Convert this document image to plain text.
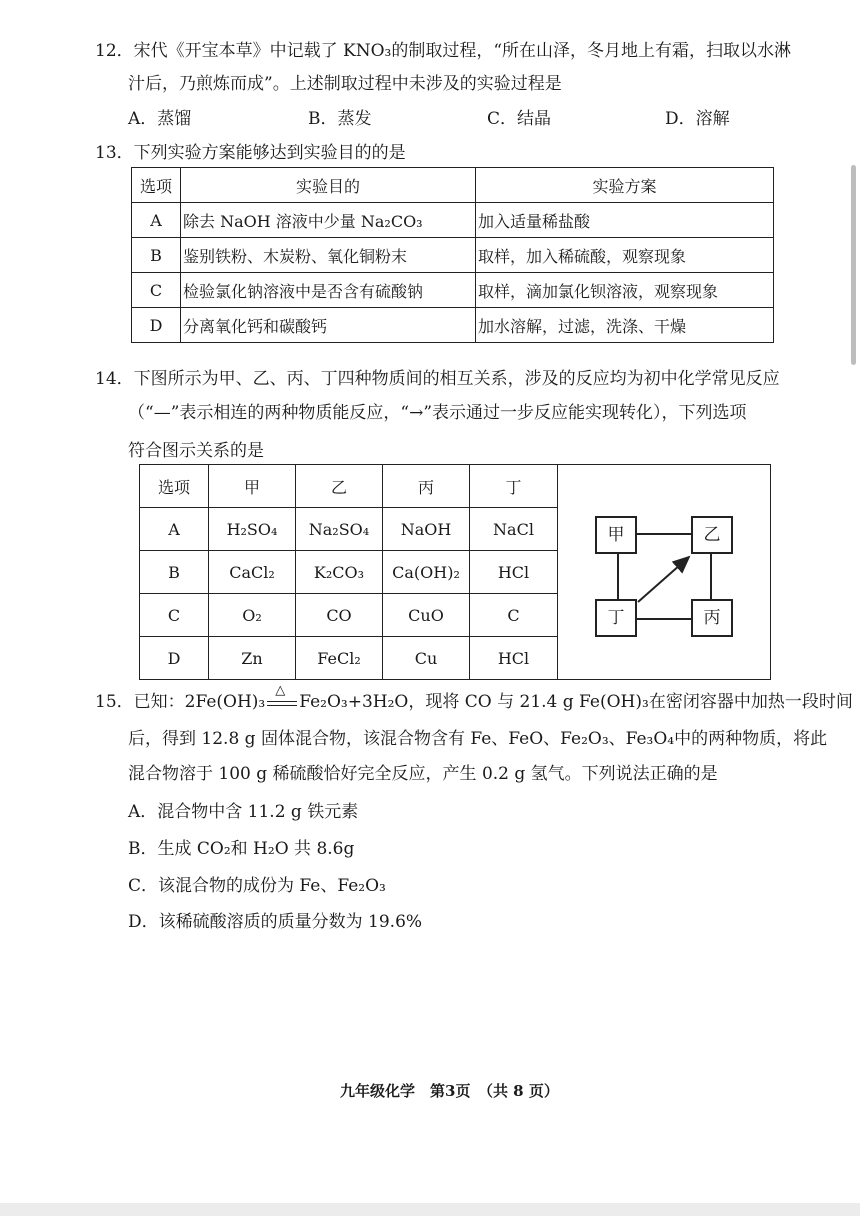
12．宋代《开宝本草》中记载了 KNO₃的制取过程，“所在山泽，冬月地上有霜，扫取以水淋
汁后，乃煎炼而成”。上述制取过程中未涉及的实验过程是
A．蒸馏	B．蒸发	C．结晶	D．溶解
13．下列实验方案能够达到实验目的的是
选项	实验目的	实验方案
A	除去 NaOH 溶液中少量 Na₂CO₃	加入适量稀盐酸
B	鉴别铁粉、木炭粉、氧化铜粉末	取样，加入稀硫酸，观察现象
C	检验氯化钠溶液中是否含有硫酸钠	取样，滴加氯化钡溶液，观察现象
D	分离氧化钙和碳酸钙	加水溶解，过滤，洗涤、干燥
14．下图所示为甲、乙、丙、丁四种物质间的相互关系，涉及的反应均为初中化学常见反应
（“—”表示相连的两种物质能反应，“→”表示通过一步反应能实现转化），下列选项
符合图示关系的是
选项	甲	乙	丙	丁
A	H₂SO₄	Na₂SO₄	NaOH	NaCl
B	CaCl₂	K₂CO₃	Ca(OH)₂	HCl
C	O₂	CO	CuO	C
D	Zn	FeCl₂	Cu	HCl
甲	乙
丁	丙
15．已知：2Fe(OH)₃
△
Fe₂O₃+3H₂O，现将 CO 与 21.4 g Fe(OH)₃在密闭容器中加热一段时间
后，得到 12.8 g 固体混合物，该混合物含有 Fe、FeO、Fe₂O₃、Fe₃O₄中的两种物质，将此
混合物溶于 100 g 稀硫酸恰好完全反应，产生 0.2 g 氢气。下列说法正确的是
A．混合物中含 11.2 g 铁元素
B．生成 CO₂和 H₂O 共 8.6g
C．该混合物的成份为 Fe、Fe₂O₃
D．该稀硫酸溶质的质量分数为 19.6%
九年级化学　第3页　（共 8 页）
